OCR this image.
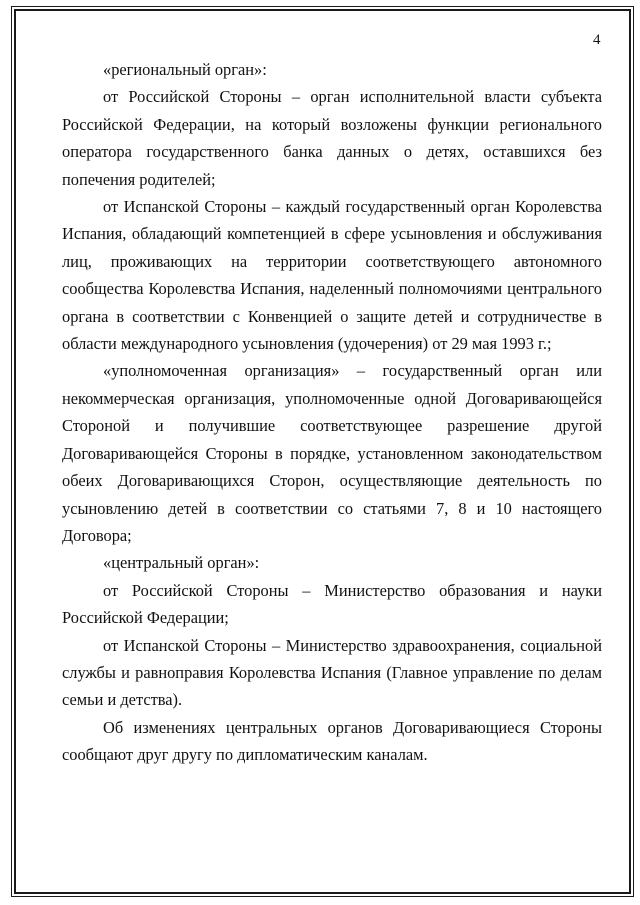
4

«региональный орган»:

от Российской Стороны – орган исполнительной власти субъекта Российской Федерации, на который возложены функции регионального оператора государственного банка данных о детях, оставшихся без попечения родителей;

от Испанской Стороны – каждый государственный орган Королевства Испания, обладающий компетенцией в сфере усыновления и обслуживания лиц, проживающих на территории соответствующего автономного сообщества Королевства Испания, наделенный полномочиями центрального органа в соответствии с Конвенцией о защите детей и сотрудничестве в области международного усыновления (удочерения) от 29 мая 1993 г.;

«уполномоченная организация» – государственный орган или некоммерческая организация, уполномоченные одной Договаривающейся Стороной и получившие соответствующее разрешение другой Договаривающейся Стороны в порядке, установленном законодательством обеих Договаривающихся Сторон, осуществляющие деятельность по усыновлению детей в соответствии со статьями 7, 8 и 10 настоящего Договора;

«центральный орган»:

от Российской Стороны – Министерство образования и науки Российской Федерации;

от Испанской Стороны – Министерство здравоохранения, социальной службы и равноправия Королевства Испания (Главное управление по делам семьи и детства).

Об изменениях центральных органов Договаривающиеся Стороны сообщают друг другу по дипломатическим каналам.
